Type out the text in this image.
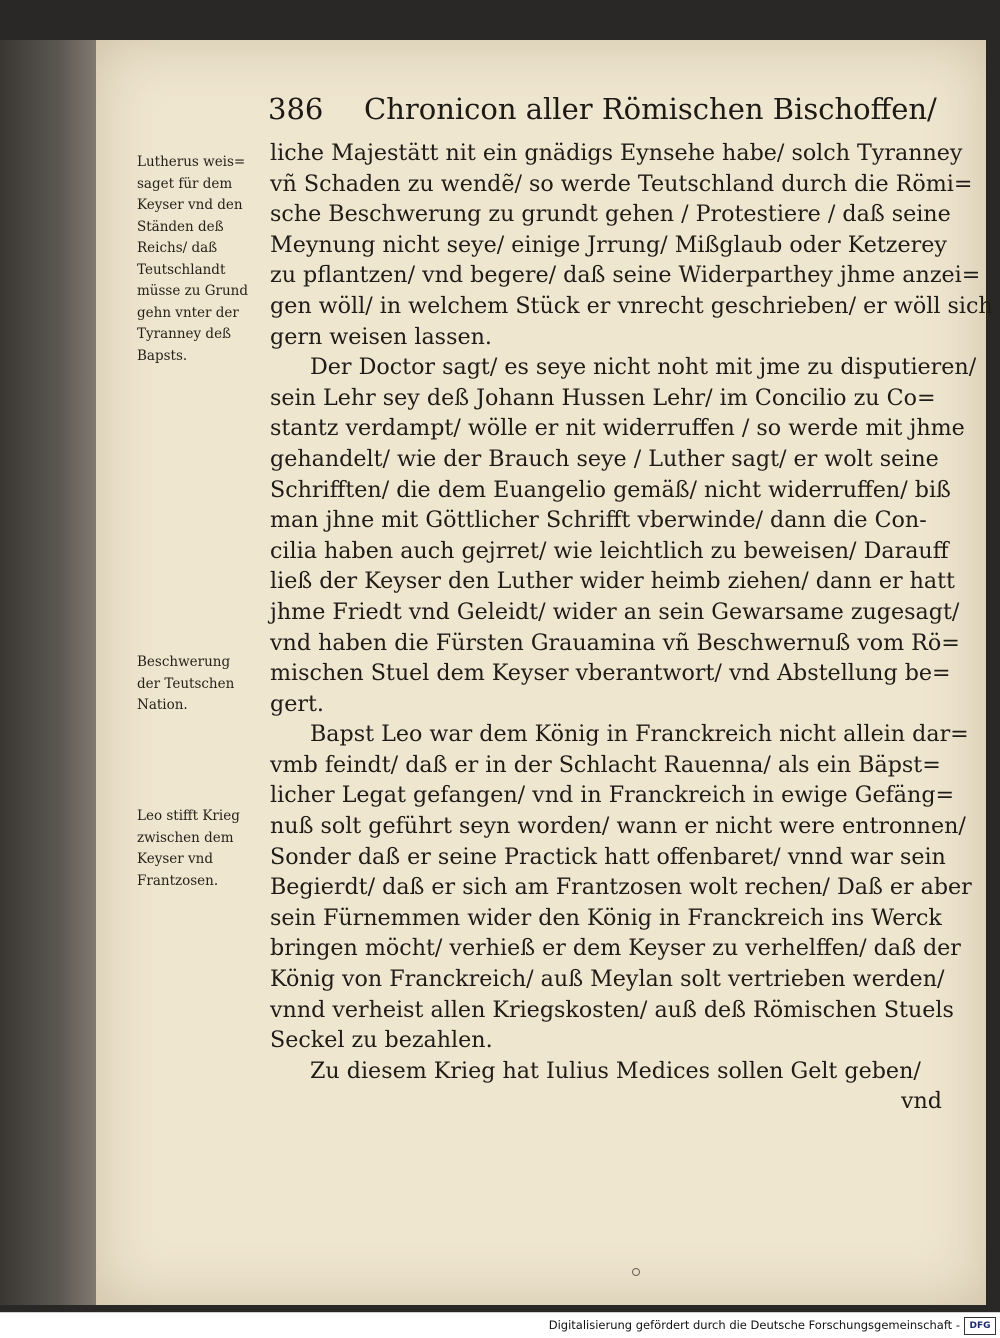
386 Chronicon aller Römischen Bischoffen/
liche Majestätt nit ein gnädigs Eynsehe habe/ solch Tyranney
vñ Schaden zu wendẽ/ so werde Teutschland durch die Römi=
sche Beschwerung zu grundt gehen / Protestiere / daß seine
Meynung nicht seye/ einige Jrrung/ Mißglaub oder Ketzerey
zu pflantzen/ vnd begere/ daß seine Widerparthey jhme anzei=
gen wöll/ in welchem Stück er vnrecht geschrieben/ er wöll sich
gern weisen lassen.
Der Doctor sagt/ es seye nicht noht mit jme zu disputieren/
sein Lehr sey deß Johann Hussen Lehr/ im Concilio zu Co=
stantz verdampt/ wölle er nit widerruffen / so werde mit jhme
gehandelt/ wie der Brauch seye / Luther sagt/ er wolt seine
Schrifften/ die dem Euangelio gemäß/ nicht widerruffen/ biß
man jhne mit Göttlicher Schrifft vberwinde/ dann die Con-
cilia haben auch gejrret/ wie leichtlich zu beweisen/ Darauff
ließ der Keyser den Luther wider heimb ziehen/ dann er hatt
jhme Friedt vnd Geleidt/ wider an sein Gewarsame zugesagt/
vnd haben die Fürsten Grauamina vñ Beschwernuß vom Rö=
mischen Stuel dem Keyser vberantwort/ vnd Abstellung be=
gert.
Bapst Leo war dem König in Franckreich nicht allein dar=
vmb feindt/ daß er in der Schlacht Rauenna/ als ein Bäpst=
licher Legat gefangen/ vnd in Franckreich in ewige Gefäng=
nuß solt geführt seyn worden/ wann er nicht were entronnen/
Sonder daß er seine Practick hatt offenbaret/ vnnd war sein
Begierdt/ daß er sich am Frantzosen wolt rechen/ Daß er aber
sein Fürnemmen wider den König in Franckreich ins Werck
bringen möcht/ verhieß er dem Keyser zu verhelffen/ daß der
König von Franckreich/ auß Meylan solt vertrieben werden/
vnnd verheist allen Kriegskosten/ auß deß Römischen Stuels
Seckel zu bezahlen.
Zu diesem Krieg hat Iulius Medices sollen Gelt geben/
vnd
Lutherus weis=
saget für dem
Keyser vnd den
Ständen deß
Reichs/ daß
Teutschlandt
müsse zu Grund
gehn vnter der
Tyranney deß
Bapsts.
Beschwerung
der Teutschen
Nation.
Leo stifft Krieg
zwischen dem
Keyser vnd
Frantzosen.
Digitalisierung gefördert durch die Deutsche Forschungsgemeinschaft -	DFG
